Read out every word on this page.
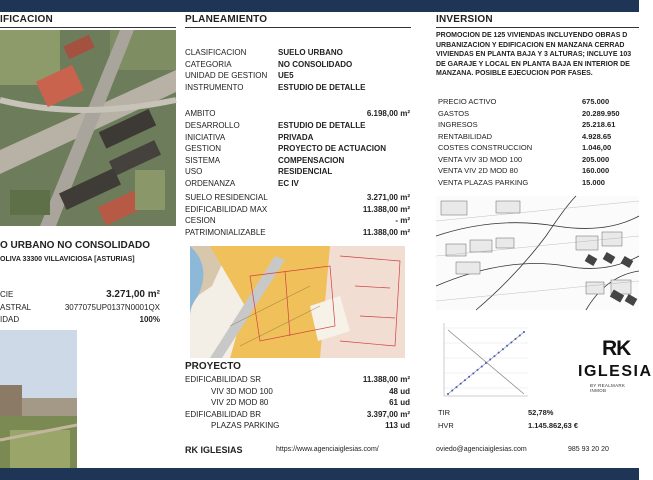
IFICACION	PLANEAMIENTO	INVERSION
O URBANO NO CONSOLIDADO
OLIVA 33300 VILLAVICIOSA [ASTURIAS]
CIE	3.271,00 m²
ASTRAL	3077075UP0137N0001QX
IDAD	100%
CLASIFICACION	SUELO URBANO
CATEGORIA	NO CONSOLIDADO
UNIDAD DE GESTION UE5
INSTRUMENTO	ESTUDIO DE DETALLE
AMBITO	6.198,00 m²
DESARROLLO	ESTUDIO DE DETALLE
INICIATIVA	PRIVADA
GESTION	PROYECTO DE ACTUACION
SISTEMA	COMPENSACION
USO	RESIDENCIAL
ORDENANZA	EC IV
SUELO RESIDENCIAL	3.271,00 m²
EDIFICABILIDAD MAX	11.388,00 m²
CESION	- m²
PATRIMONIALIZABLE	11.388,00 m²
PROYECTO
EDIFICABILIDAD SR	11.388,00 m²
VIV 3D MOD 100	48 ud
VIV 2D MOD 80	61 ud
EDIFICABILIDAD BR	3.397,00 m²
PLAZAS PARKING	113 ud
RK IGLESIAS	https://www.agenciaiglesias.com/
PROMOCION DE 125 VIVIENDAS INCLUYENDO OBRAS D
URBANIZACION Y EDIFICACION EN MANZANA CERRAD
VIVIENDAS EN PLANTA BAJA Y 3 ALTURAS; INCLUYE 103
DE GARAJE Y LOCAL EN PLANTA BAJA EN INTERIOR DE
MANZANA. POSIBLE EJECUCION POR FASES.
PRECIO ACTIVO	675.000
GASTOS	20.289.950
INGRESOS	25.218.61
RENTABILIDAD	4.928.65
COSTES CONSTRUCCION	1.046,00
VENTA VIV 3D MOD 100	205.000
VENTA VIV 2D MOD 80	160.000
VENTA PLAZAS PARKING	15.000
RK
IGLESIA
BY REALMARK INMOB
TIR	52,78%
HVR	1.145.862,63 €
oviedo@agenciaiglesias.com	985 93 20 20
